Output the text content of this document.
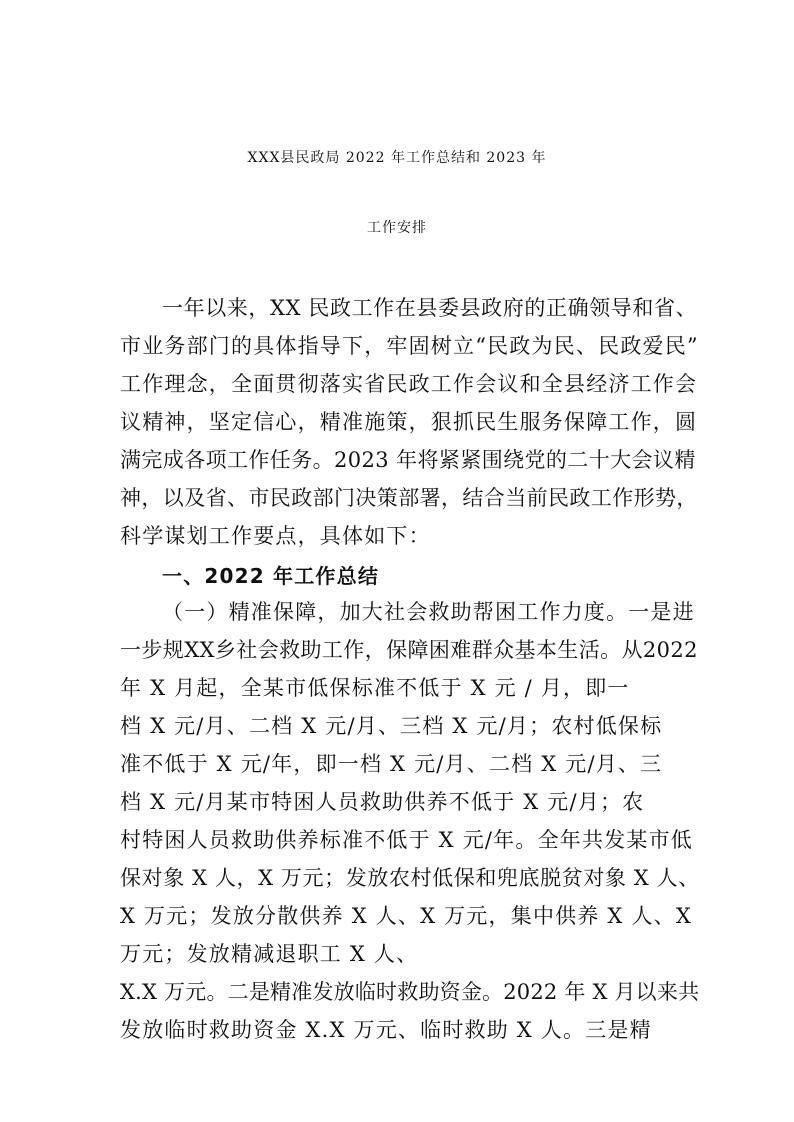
XXX县民政局 2022 年工作总结和 2023 年
工作安排
一年以来，XX 民政工作在县委县政府的正确领导和省、
市业务部门的具体指导下，牢固树立“民政为民、民政爱民”
工作理念，全面贯彻落实省民政工作会议和全县经济工作会
议精神，坚定信心，精准施策，狠抓民生服务保障工作，圆
满完成各项工作任务。2023 年将紧紧围绕党的二十大会议精
神，以及省、市民政部门决策部署，结合当前民政工作形势，
科学谋划工作要点，具体如下：
一、2022 年工作总结
（一）精准保障，加大社会救助帮困工作力度。一是进
一步规XX乡社会救助工作，保障困难群众基本生活。从2022
年 X 月起，全某市低保标准不低于 X 元 / 月，即一
档 X 元/月、二档 X 元/月、三档 X 元/月；农村低保标
准不低于 X 元/年，即一档 X 元/月、二档 X 元/月、三
档 X 元/月某市特困人员救助供养不低于 X 元/月；农
村特困人员救助供养标准不低于 X 元/年。全年共发某市低
保对象 X 人，X 万元；发放农村低保和兜底脱贫对象 X 人、
X 万元；发放分散供养 X 人、X 万元，集中供养 X 人、X
万元；发放精减退职工 X 人、
X.X 万元。二是精准发放临时救助资金。2022 年 X 月以来共
发放临时救助资金 X.X 万元、临时救助 X 人。三是精
